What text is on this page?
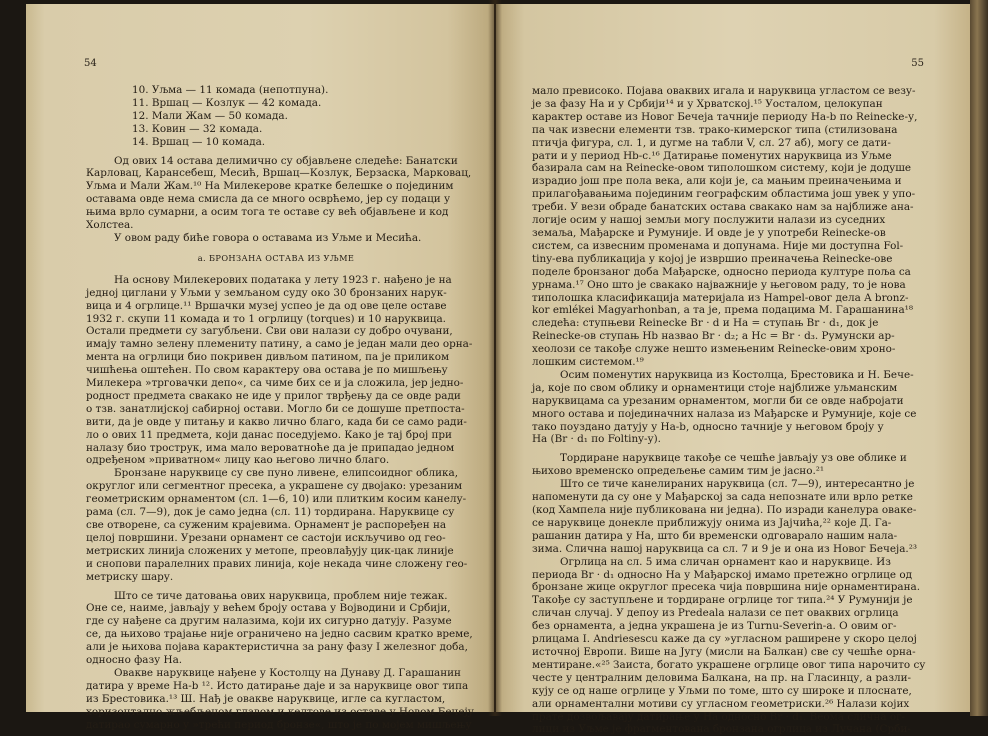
54
10. Уљма — 11 комада (непотпуна).
11. Вршац — Козлук — 42 комада.
12. Мали Жам — 50 комада.
13. Ковин — 32 комада.
14. Вршац — 10 комада.
Од ових 14 остава делимично су објављене следеће: Банатски
Карловац, Карансебеш, Месић, Вршац—Козлук, Берзаска, Марковац,
Уљма и Мали Жам.¹⁰ На Милекерове кратке белешке о појединим
оставама овде нема смисла да се много осврћемо, јер су подаци у
њима врло сумарни, а осим тога те оставе су већ објављене и код
Холстеа.
У овом раду биће говора о оставама из Уљме и Месића.
а. БРОНЗАНА ОСТАВА ИЗ УЉМЕ
На основу Милекерових података у лету 1923 г. нађено је на
једној циглани у Уљми у земљаном суду око 30 бронзаних нарук-
вица и 4 огрлице.¹¹ Вршачки музеј успео је да од ове целе оставе
1932 г. скупи 11 комада и то 1 огрлицу (torques) и 10 наруквица.
Остали предмети су загубљени. Сви ови налази су добро очувани,
имају тамно зелену племениту патину, а само је један мали део орна-
мента на огрлици био покривен дивљом патином, па је приликом
чишћења оштећен. По свом карактеру ова остава је по мишљењу
Милекера »трговачки депо«, са чиме бих се и ја сложила, јер једно-
родност предмета свакако не иде у прилог тврђењу да се овде ради
о тзв. занатлијској сабирној остави. Могло би се дошуше претпоста-
вити, да је овде у питању и какво лично благо, када би се само ради-
ло о ових 11 предмета, који данас поседујемо. Како је тај број при
налазу био трострук, има мало вероватноће да је припадао једном
одређеном »приватном« лицу као његово лично благо.
Бронзане наруквице су све пуно ливене, елипсоидног облика,
округлог или сегментног пресека, а украшене су двојако: урезаним
геометриским орнаментом (сл. 1—6, 10) или плитким косим канелу-
рама (сл. 7—9), док је само једна (сл. 11) тордирана. Наруквице су
све отворене, са суженим крајевима. Орнамент је распоређен на
целој површини. Урезани орнамент се састоји искључиво од гео-
метриских линија сложених у метопе, преовлађују цик-цак линије
и снопови паралелних правих линија, које некада чине сложену гео-
метриску шару.
Што се тиче датовања ових наруквица, проблем није тежак.
Оне се, наиме, јављају у већем броју остава у Војводини и Србији,
где су нађене са другим налазима, који их сигурно датују. Разуме
се, да њихово трајање није ограничено на једно сасвим кратко време,
али је њихова појава карактеристична за рану фазу I железног доба,
односно фазу Ha.
Овакве наруквице нађене у Костолцу на Дунаву Д. Гарашанин
датира у време Ha-b ¹². Исто датирање даје и за наруквице овог типа
из Брестовика.¹³ Ш. Нађ је овакве наруквице, иглe са кугластом,
хоризонтално жљебљеном главом и келтове из оставе у Новом Бечеју
датирао сумарно у »трећи период бронзе«, што је по мојем мишљењу
55
мало превисоко. Појава оваквих игала и наруквица угластом се везу-
је за фазу Ha и у Србији¹⁴ и у Хрватској.¹⁵ Уосталом, целокупан
карактер оставе из Новог Бечеја тачније периоду Ha-b по Reinecke-у,
па чак извесни елементи тзв. трако-кимерског типа (стилизована
птичја фигура, сл. 1, и дугме на табли V, сл. 27 аб), могу се дати-
рати и у период Hb-c.¹⁶ Датирање поменутих наруквица из Уљме
базирала сам на Reinecke-овом типолошком систему, који је додуше
израдио још пре пола века, али који је, са мањим преиначењима и
прилагођавањима појединим географским областима још увек у упо-
треби. У вези обраде банатских остава свакако нам за најближе ана-
логије осим у нашој земљи могу послужити налази из суседних
земаља, Мађарске и Румуније. И овде је у употреби Reinecke-ов
систем, са извесним променама и допунама. Није ми доступна Fol-
tiny-ева публикација у којој је извршио преиначења Reinecke-ове
поделе бронзаног доба Мађарске, односно периода културе поља са
урнама.¹⁷ Оно што је свакако најважније у његовом раду, то је нова
типолошка класификација материјала из Hampel-овог дела A bronz-
kor emlékei Magyarhonban, а та је, према подацима М. Гарашанина¹⁸
следећа: ступњеви Reinecke Br · d и Ha = ступањ Br · d₁, док је
Reinecke-ов ступањ Hb назвао Br · d₂; а Hc = Br · d₃. Румунски ар-
хеолози се такође служе нешто измењеним Reinecke-овим хроно-
лошким системом.¹⁹
Осим поменутих наруквица из Костолца, Брестовика и Н. Бече-
ја, које по свом облику и орнаментици стоје најближе уљманским
наруквицама са урезаним орнаментом, могли би се овде набројати
много остава и појединачних налаза из Мађарске и Румуније, које се
тако поуздано датују у Ha-b, односно тачније у његовом броју у
Ha (Br · d₁ по Foltiny-у).
Тордиране наруквице такође се чешће јављају уз ове облике и
њихово временско опредељење самим тим је јасно.²¹
Што се тиче канелираних наруквица (сл. 7—9), интересантно је
напоменути да су оне у Мађарској за сада непознате или врло ретке
(код Хампела није публикована ни једна). По изради канелура оваке-
се наруквице донекле приближују онима из Јајчића,²² које Д. Га-
рашанин датира у Ha, што би временски одговарало нашим нала-
зима. Слична нашој наруквица са сл. 7 и 9 је и она из Новог Бечеја.²³
Огрлица на сл. 5 има сличан орнамент као и наруквице. Из
периода Br · d₁ односно Ha у Мађарској имамо претежно огрлице од
бронзане жице округлог пресека чија површина није орнаментирана.
Такође су заступљене и тордиране огрлице тог типа.²⁴ У Румунији је
сличан случај. У депоу из Predeala налази се пет оваквих огрлица
без орнамента, а једна украшена је из Turnu-Severin-a. О овим ог-
рлицама I. Andriesescu каже да су »угласном раширене у скоро целој
источној Европи. Више на Југу (мисли на Балкан) све су чешће орна-
ментиране.«²⁵ Заиста, богато украшене огрлице овог типа нарочито су
честе у централним деловима Балкана, на пр. на Гласинцу, а разли-
кују се од наше огрлице у Уљми по томе, што су широке и плоснате,
али орнаментални мотиви су угласном геометриски.²⁶ Налази којих
прате дозвољавају датирање у Ha односно Br · d₁. Веома слична ог-
лици из Уљме је фрагментована бронзана огрлица из Лучана (Срби-
